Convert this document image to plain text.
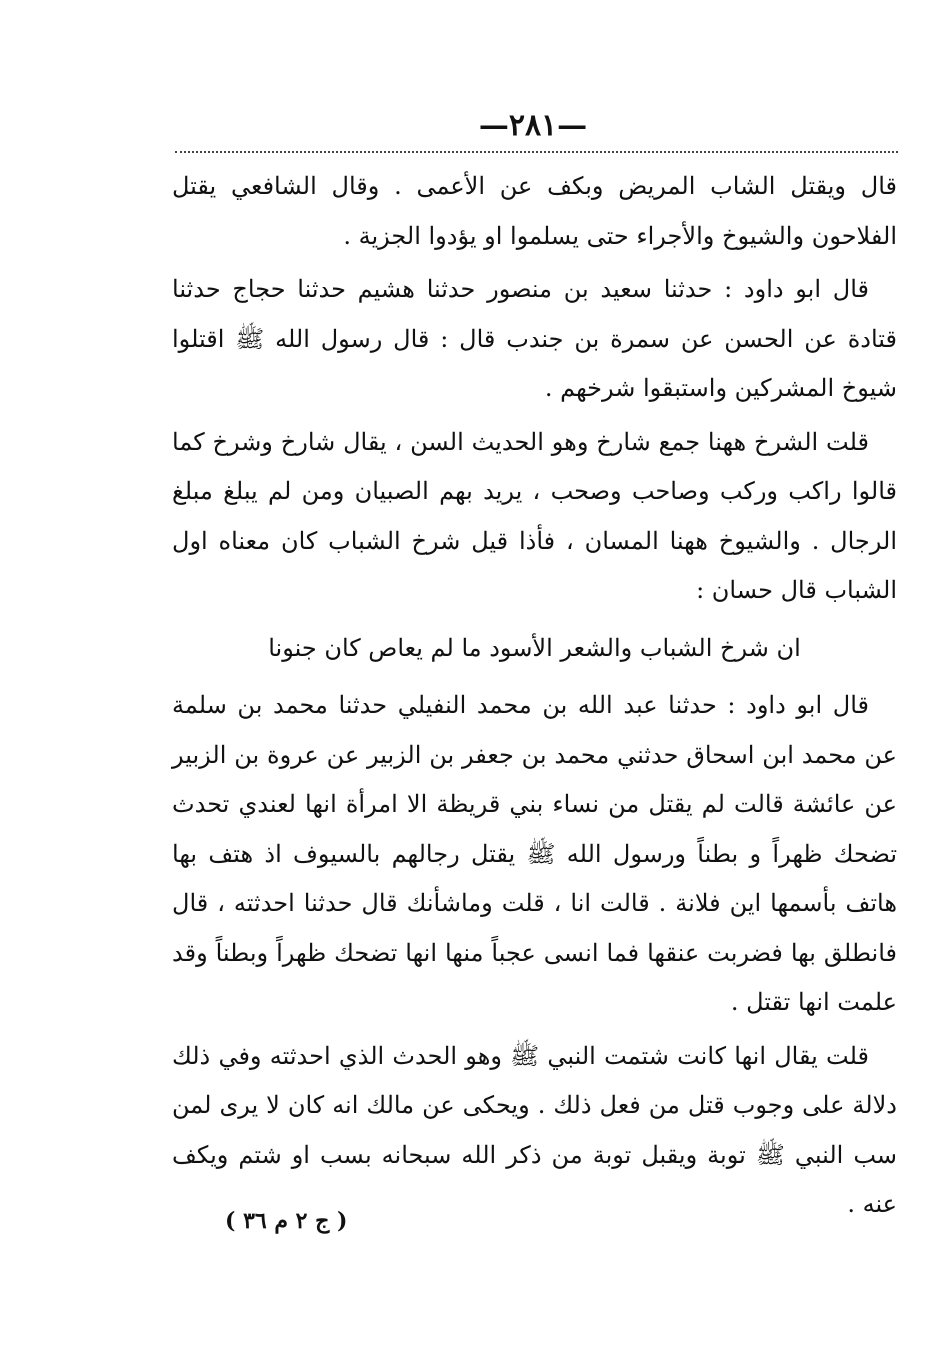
—٢٨١—

قال ويقتل الشاب المريض وبكف عن الأعمى . وقال الشافعي يقتل الفلاحون والشيوخ والأجراء حتى يسلموا او يؤدوا الجزية .

قال ابو داود : حدثنا سعيد بن منصور حدثنا هشيم حدثنا حجاج حدثنا قتادة عن الحسن عن سمرة بن جندب قال : قال رسول الله ﷺ اقتلوا شيوخ المشركين واستبقوا شرخهم .

قلت الشرخ ههنا جمع شارخ وهو الحديث السن ، يقال شارخ وشرخ كما قالوا راكب وركب وصاحب وصحب ، يريد بهم الصبيان ومن لم يبلغ مبلغ الرجال . والشيوخ ههنا المسان ، فأذا قيل شرخ الشباب كان معناه اول الشباب قال حسان :

ان شرخ الشباب والشعر الأسود ما لم يعاص كان جنونا

قال ابو داود : حدثنا عبد الله بن محمد النفيلي حدثنا محمد بن سلمة عن محمد ابن اسحاق حدثني محمد بن جعفر بن الزبير عن عروة بن الزبير عن عائشة قالت لم يقتل من نساء بني قريظة الا امرأة انها لعندي تحدث تضحك ظهراً و بطناً ورسول الله ﷺ يقتل رجالهم بالسيوف اذ هتف بها هاتف بأسمها اين فلانة . قالت انا ، قلت وماشأنك قال حدثنا احدثته ، قال فانطلق بها فضربت عنقها فما انسى عجباً منها انها تضحك ظهراً وبطناً وقد علمت انها تقتل .

قلت يقال انها كانت شتمت النبي ﷺ وهو الحدث الذي احدثته وفي ذلك دلالة على وجوب قتل من فعل ذلك . ويحكى عن مالك انه كان لا يرى لمن سب النبي ﷺ توبة ويقبل توبة من ذكر الله سبحانه بسب او شتم ويكف عنه .

( ج ٢ م ٣٦ )
